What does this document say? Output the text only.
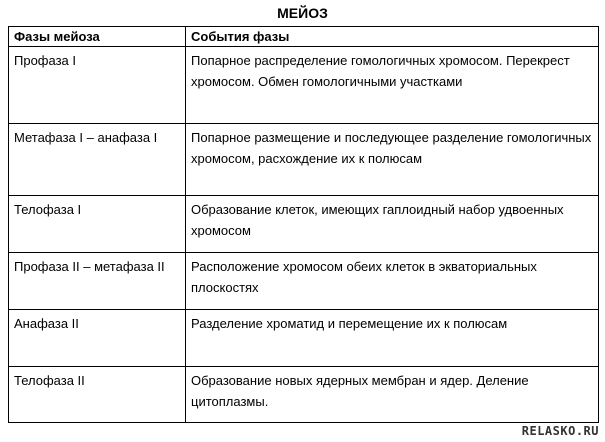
МЕЙОЗ
Фазы мейоза	События фазы
Профаза I	Попарное распределение гомологичных хромосом. Перекрест хромосом. Обмен гомологичными участками
Метафаза I – анафаза I	Попарное размещение и последующее разделение гомологичных хромосом, расхождение их к полюсам
Телофаза I	Образование клеток, имеющих гаплоидный набор удвоенных хромосом
Профаза II – метафаза II	Расположение хромосом обеих клеток в экваториальных плоскостях
Анафаза II	Разделение хроматид и перемещение их к полюсам
Телофаза II	Образование новых ядерных мембран и ядер. Деление цитоплазмы.
RELASKO.RU
